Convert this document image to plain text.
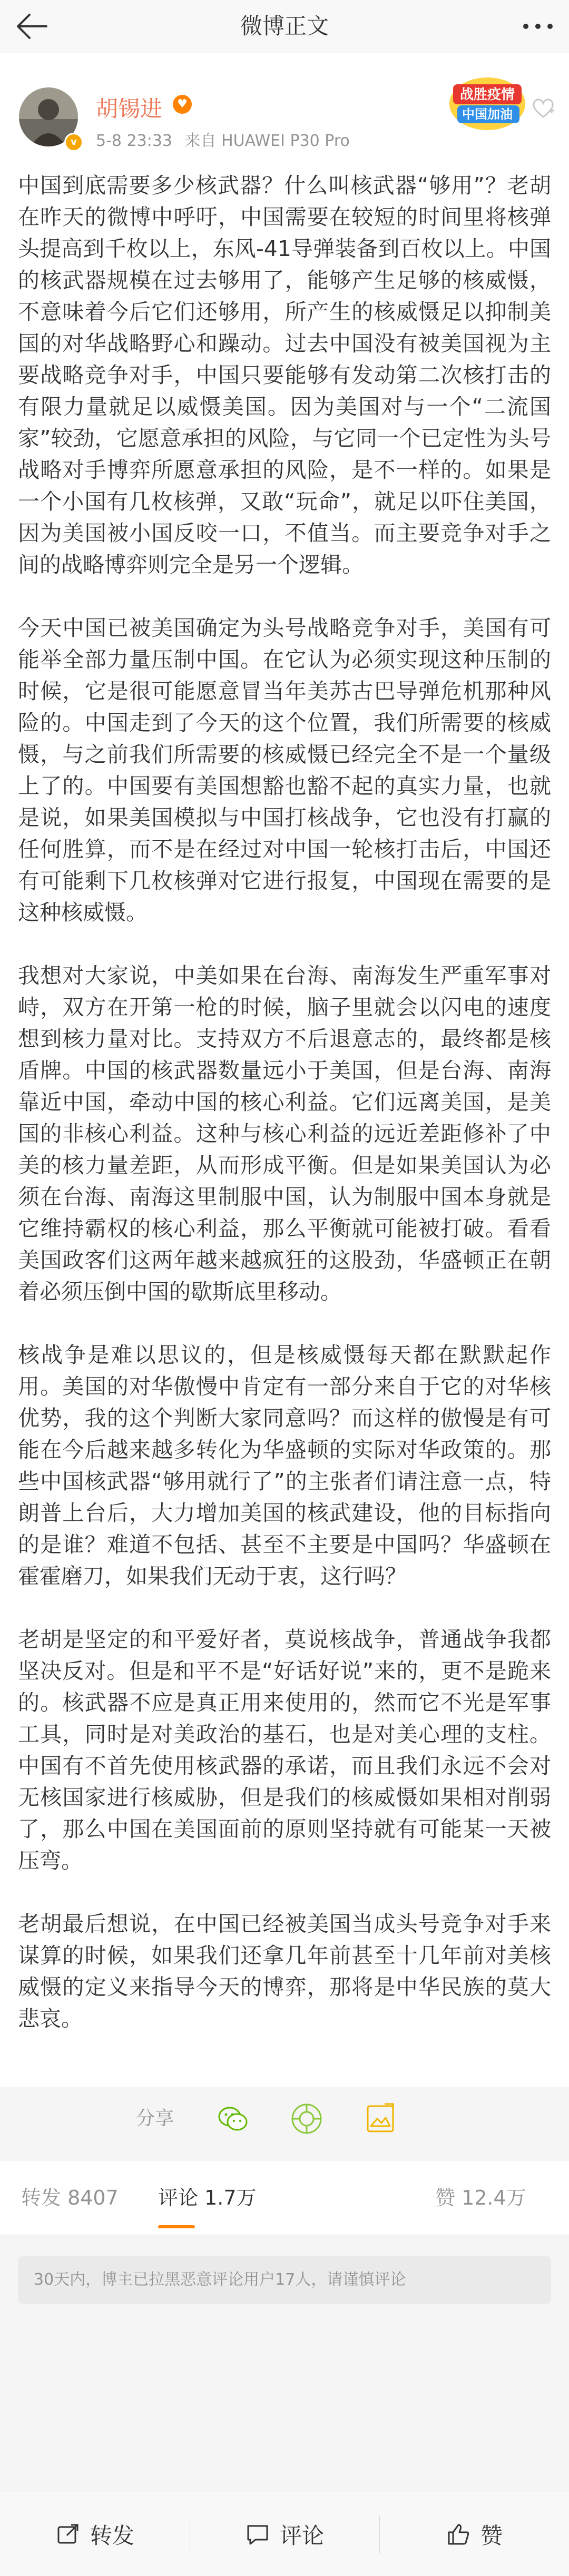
微博正文
v
胡锡进	♥
5-8 23:33 来自 HUAWEI P30 Pro
战胜疫情
中国加油

中国到底需要多少核武器？什么叫核武器“够用”？老胡在昨天的微博中呼吁，中国需要在较短的时间里将核弹头提高到千枚以上，东风-41导弹装备到百枚以上。中国的核武器规模在过去够用了，能够产生足够的核威慑，不意味着今后它们还够用，所产生的核威慑足以抑制美国的对华战略野心和躁动。过去中国没有被美国视为主要战略竞争对手，中国只要能够有发动第二次核打击的有限力量就足以威慑美国。因为美国对与一个“二流国家”较劲，它愿意承担的风险，与它同一个已定性为头号战略对手博弈所愿意承担的风险，是不一样的。如果是一个小国有几枚核弹，又敢“玩命”，就足以吓住美国，因为美国被小国反咬一口，不值当。而主要竞争对手之间的战略博弈则完全是另一个逻辑。

今天中国已被美国确定为头号战略竞争对手，美国有可能举全部力量压制中国。在它认为必须实现这种压制的时候，它是很可能愿意冒当年美苏古巴导弹危机那种风险的。中国走到了今天的这个位置，我们所需要的核威慑，与之前我们所需要的核威慑已经完全不是一个量级上了的。中国要有美国想豁也豁不起的真实力量，也就是说，如果美国模拟与中国打核战争，它也没有打赢的任何胜算，而不是在经过对中国一轮核打击后，中国还有可能剩下几枚核弹对它进行报复，中国现在需要的是这种核威慑。

我想对大家说，中美如果在台海、南海发生严重军事对峙，双方在开第一枪的时候，脑子里就会以闪电的速度想到核力量对比。支持双方不后退意志的，最终都是核盾牌。中国的核武器数量远小于美国，但是台海、南海靠近中国，牵动中国的核心利益。它们远离美国，是美国的非核心利益。这种与核心利益的远近差距修补了中美的核力量差距，从而形成平衡。但是如果美国认为必须在台海、南海这里制服中国，认为制服中国本身就是它维持霸权的核心利益，那么平衡就可能被打破。看看美国政客们这两年越来越疯狂的这股劲，华盛顿正在朝着必须压倒中国的歇斯底里移动。

核战争是难以思议的，但是核威慑每天都在默默起作用。美国的对华傲慢中肯定有一部分来自于它的对华核优势，我的这个判断大家同意吗？而这样的傲慢是有可能在今后越来越多转化为华盛顿的实际对华政策的。那些中国核武器“够用就行了”的主张者们请注意一点，特朗普上台后，大力增加美国的核武建设，他的目标指向的是谁？难道不包括、甚至不主要是中国吗？华盛顿在霍霍磨刀，如果我们无动于衷，这行吗？

老胡是坚定的和平爱好者，莫说核战争，普通战争我都坚决反对。但是和平不是“好话好说”来的，更不是跪来的。核武器不应是真正用来使用的，然而它不光是军事工具，同时是对美政治的基石，也是对美心理的支柱。中国有不首先使用核武器的承诺，而且我们永远不会对无核国家进行核威胁，但是我们的核威慑如果相对削弱了，那么中国在美国面前的原则坚持就有可能某一天被压弯。

老胡最后想说，在中国已经被美国当成头号竞争对手来谋算的时候，如果我们还拿几年前甚至十几年前对美核威慑的定义来指导今天的博弈，那将是中华民族的莫大悲哀。

分享
转发 8407 评论 1.7万	赞 12.4万
30天内，博主已拉黑恶意评论用户17人，请谨慎评论
转发	评论	赞
